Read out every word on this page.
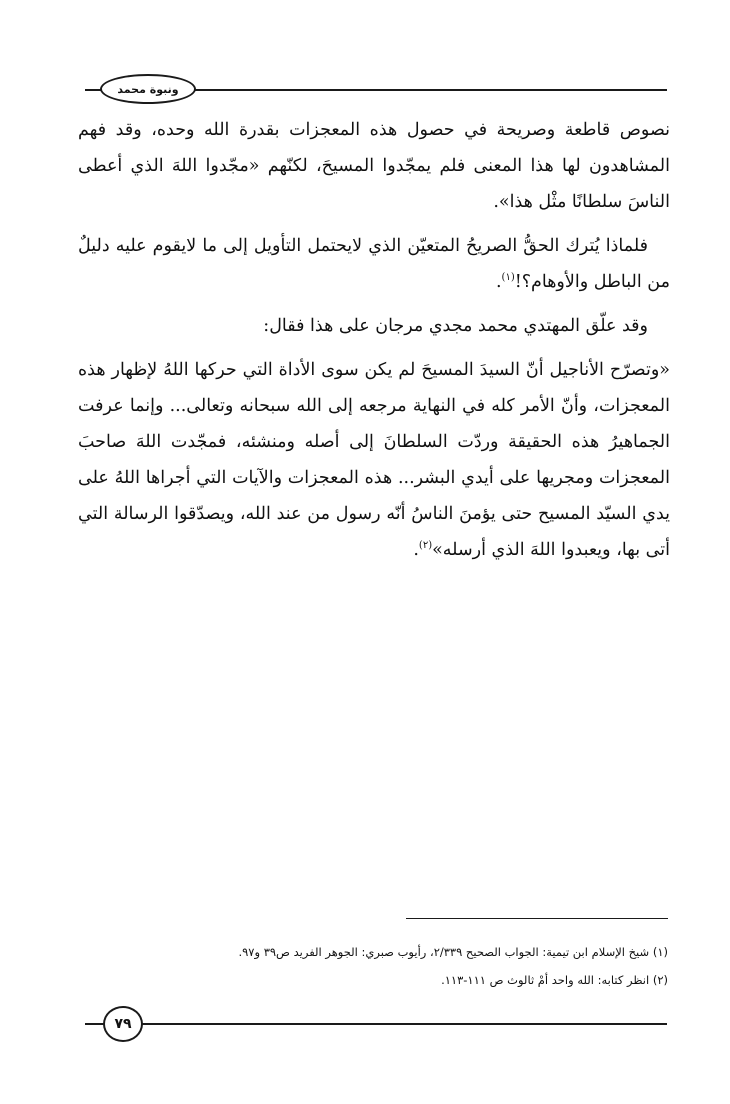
ونبوة محمد

نصوص قاطعة وصريحة في حصول هذه المعجزات بقدرة الله وحده، وقد فهم المشاهدون لها هذا المعنى فلم يمجّدوا المسيحَ، لكنّهم «مجّدوا اللهَ الذي أعطى الناسَ سلطانًا مثْل هذا».

فلماذا يُترك الحقُّ الصريحُ المتعيّن الذي لايحتمل التأويل إلى ما لايقوم عليه دليلٌ من الباطل والأوهام؟!$^{(١)}$.

وقد علّق المهتدي محمد مجدي مرجان على هذا فقال:

«وتصرّح الأناجيل أنّ السيدَ المسيحَ لم يكن سوى الأداة التي حركها اللهُ لإظهار هذه المعجزات، وأنّ الأمر كله في النهاية مرجعه إلى الله سبحانه وتعالى... وإنما عرفت الجماهيرُ هذه الحقيقة وردّت السلطانَ إلى أصله ومنشئه، فمجّدت اللهَ صاحبَ المعجزات ومجريها على أيدي البشر... هذه المعجزات والآيات التي أجراها اللهُ على يدي السيّد المسيح حتى يؤمنَ الناسُ أنّه رسول من عند الله، ويصدّقوا الرسالة التي أتى بها، ويعبدوا اللهَ الذي أرسله»$^{(٢)}$.

(١) شيخ الإسلام ابن تيمية: الجواب الصحيح ٢/٣٣٩، رأيوب صبري: الجوهر الفريد ص٣٩ و٩٧.

(٢) انظر كتابه: الله واحد أمْ ثالوث ص ١١١-١١٣.

٧٩
